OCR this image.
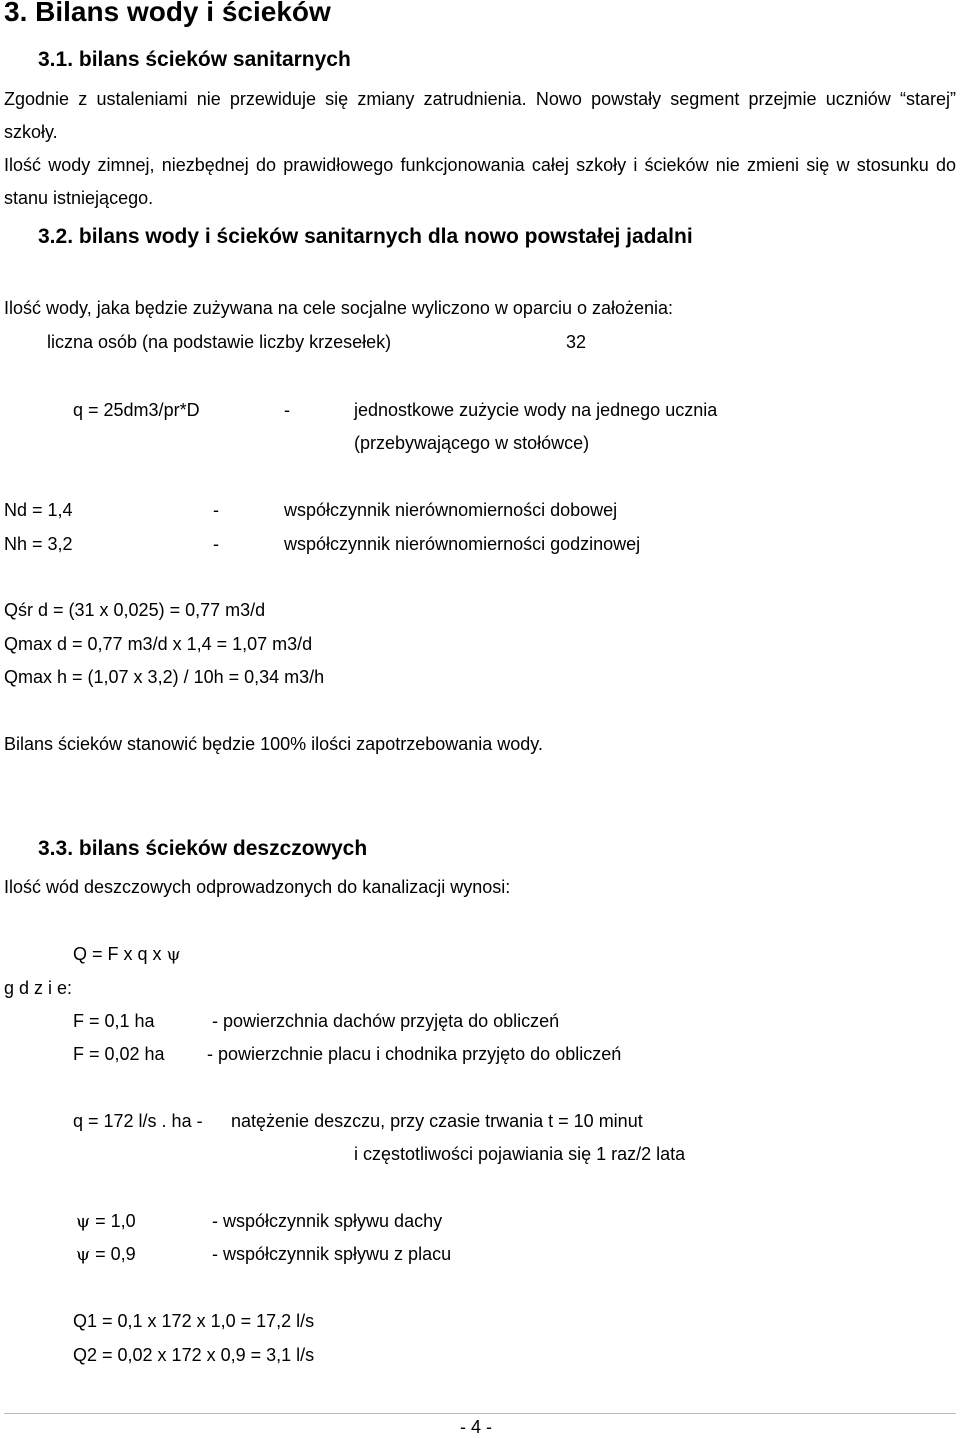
3. Bilans wody i ścieków
3.1. bilans ścieków sanitarnych
Zgodnie z ustaleniami nie przewiduje się zmiany zatrudnienia. Nowo powstały segment przejmie uczniów “starej” szkoły.
Ilość wody zimnej, niezbędnej do prawidłowego funkcjonowania całej szkoły i ścieków nie zmieni się w stosunku do stanu istniejącego.
3.2. bilans wody i ścieków sanitarnych dla nowo powstałej jadalni
Ilość wody, jaka będzie zużywana na cele socjalne wyliczono w oparciu o założenia:
liczna osób (na podstawie liczby krzesełek)	32
q = 25dm3/pr*D	-	jednostkowe zużycie wody na jednego ucznia
(przebywającego w stołówce)
Nd = 1,4	-	współczynnik nierównomierności dobowej
Nh = 3,2	-	współczynnik nierównomierności godzinowej
Qśr d = (31 x 0,025) = 0,77 m3/d
Qmax d = 0,77 m3/d x 1,4 = 1,07 m3/d
Qmax h = (1,07 x 3,2) / 10h = 0,34 m3/h
Bilans ścieków stanowić będzie 100% ilości zapotrzebowania wody.
3.3. bilans ścieków deszczowych
Ilość wód deszczowych odprowadzonych do kanalizacji wynosi:
Q = F x q x ψ
g d z i e:
F = 0,1 ha	- powierzchnia dachów przyjęta do obliczeń
F = 0,02 ha - powierzchnie placu i chodnika przyjęto do obliczeń
q = 172 l/s . ha - natężenie deszczu, przy czasie trwania t = 10 minut
i częstotliwości pojawiania się 1 raz/2 lata
ψ = 1,0	- współczynnik spływu dachy
ψ = 0,9	- współczynnik spływu z placu
Q1 = 0,1 x 172 x 1,0 = 17,2 l/s
Q2 = 0,02 x 172 x 0,9 = 3,1 l/s
- 4 -
